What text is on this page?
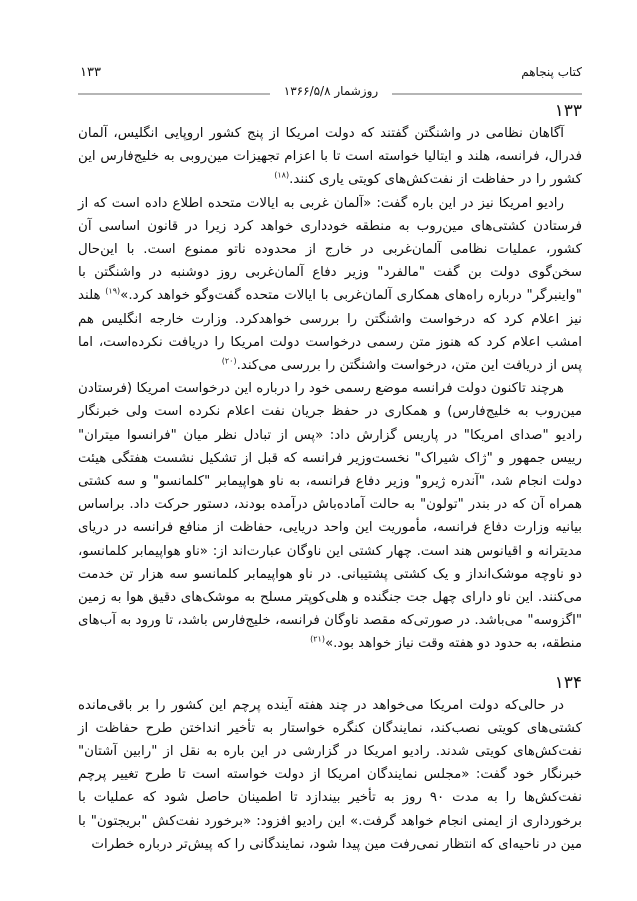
کتاب پنجاهم
۱۳۳
روزشمار ۱۳۶۶/۵/۸

۱۳۳

آگاهان نظامی در واشنگتن گفتند که دولت امریکا از پنج کشور اروپایی انگلیس، آلمان فدرال، فرانسه، هلند و ایتالیا خواسته است تا با اعزام تجهیزات مین‌روبی به خلیج‌فارس این کشور را در حفاظت از نفت‌کش‌های کویتی یاری کنند.$^{(۱۸)}$

رادیو امریکا نیز در این باره گفت: «آلمان غربی به ایالات متحده اطلاع داده است که از فرستادن کشتی‌های مین‌روب به منطقه خودداری خواهد کرد زیرا در قانون اساسی آن کشور، عملیات نظامی آلمان‌غربی در خارج از محدوده ناتو ممنوع است. با این‌حال سخن‌گوی دولت بن گفت "مالفرد" وزیر دفاع آلمان‌غربی روز دوشنبه در واشنگتن با "واینبرگر" درباره راه‌های همکاری آلمان‌غربی با ایالات متحده گفت‌وگو خواهد کرد.»$^{(۱۹)}$ هلند نیز اعلام کرد که درخواست واشنگتن را بررسی خواهدکرد. وزارت خارجه انگلیس هم امشب اعلام کرد که هنوز متن رسمی درخواست دولت امریکا را دریافت نکرده‌است، اما پس از دریافت این متن، درخواست واشنگتن را بررسی می‌کند.$^{(۲۰)}$

هرچند تاکنون دولت فرانسه موضع رسمی خود را درباره این درخواست امریکا (فرستادن مین‌روب به خلیج‌فارس) و همکاری در حفظ جریان نفت اعلام نکرده است ولی خبرنگار رادیو "صدای امریکا" در پاریس گزارش داد: «پس از تبادل نظر میان "فرانسوا میتران" رییس جمهور و "ژاک شیراک" نخست‌وزیر فرانسه که قبل از تشکیل نشست هفتگی هیئت دولت انجام شد، "آندره ژیرو" وزیر دفاع فرانسه، به ناو هواپیمابر "کلمانسو" و سه کشتی همراه آن که در بندر "تولون" به حالت آماده‌باش درآمده بودند، دستور حرکت داد. براساس بیانیه وزارت دفاع فرانسه، مأموریت این واحد دریایی، حفاظت از منافع فرانسه در دریای مدیترانه و اقیانوس هند است. چهار کشتی این ناوگان عبارت‌اند از: «ناو هواپیمابر کلمانسو، دو ناوچه موشک‌انداز و یک کشتی پشتیبانی. در ناو هواپیمابر کلمانسو سه هزار تن خدمت می‌کنند. این ناو دارای چهل جت جنگنده و هلی‌کوپتر مسلح به موشک‌های دقیق هوا به زمین "اگزوسه" می‌باشد. در صورتی‌که مقصد ناوگان فرانسه، خلیج‌فارس باشد، تا ورود به آب‌های منطقه، به حدود دو هفته وقت نیاز خواهد بود.»$^{(۲۱)}$

۱۳۴

در حالی‌که دولت امریکا می‌خواهد در چند هفته آینده پرچم این کشور را بر باقی‌مانده کشتی‌های کویتی نصب‌کند، نمایندگان کنگره خواستار به تأخیر انداختن طرح حفاظت از نفت‌کش‌های کویتی شدند. رادیو امریکا در گزارشی در این باره به نقل از "رابین آشتان" خبرنگار خود گفت: «مجلس نمایندگان امریکا از دولت خواسته است تا طرح تغییر پرچم نفت‌کش‌ها را به مدت ۹۰ روز به تأخیر بیندازد تا اطمینان حاصل شود که عملیات با برخورداری از ایمنی انجام خواهد گرفت.» این رادیو افزود: «برخورد نفت‌کش "بریجتون" با مین در ناحیه‌ای که انتظار نمی‌رفت مین پیدا شود، نمایندگانی را که پیش‌تر درباره خطرات
